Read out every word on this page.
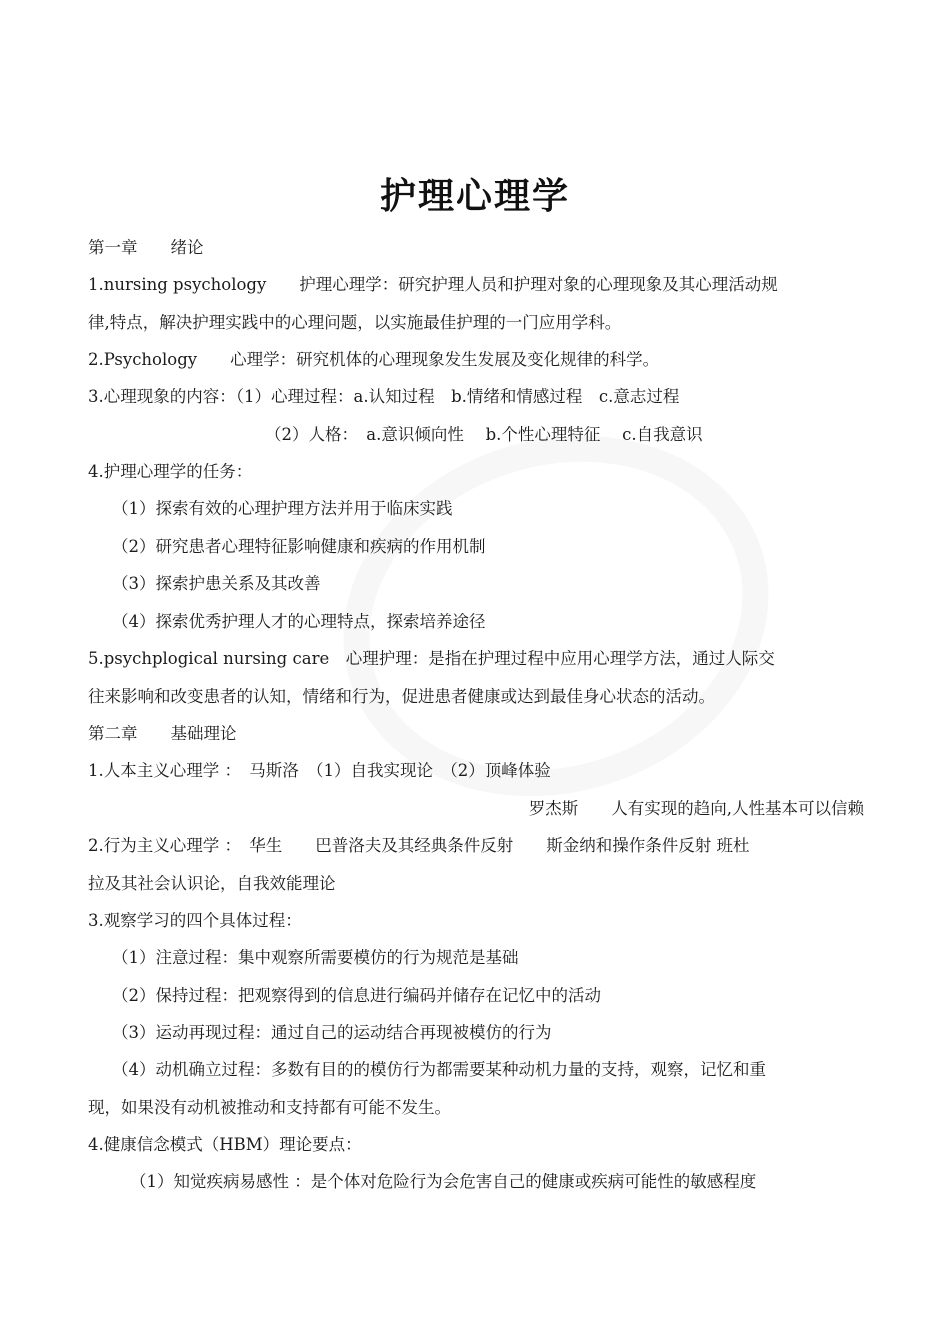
护理心理学
第一章　　绪论
1.nursing psychology　　护理心理学：研究护理人员和护理对象的心理现象及其心理活动规
律,特点，解决护理实践中的心理问题，以实施最佳护理的一门应用学科。
2.Psychology　　心理学：研究机体的心理现象发生发展及变化规律的科学。
3.心理现象的内容：（1）心理过程：a.认知过程　b.情绪和情感过程　c.意志过程
（2）人格：　a.意识倾向性　 b.个性心理特征　 c.自我意识
4.护理心理学的任务：
（1）探索有效的心理护理方法并用于临床实践
（2）研究患者心理特征影响健康和疾病的作用机制
（3）探索护患关系及其改善
（4）探索优秀护理人才的心理特点，探索培养途径
5.psychplogical nursing care　心理护理：是指在护理过程中应用心理学方法，通过人际交
往来影响和改变患者的认知，情绪和行为，促进患者健康或达到最佳身心状态的活动。
第二章　　基础理论
1.人本主义心理学 ：　马斯洛　（1）自我实现论　（2）顶峰体验
罗杰斯　　人有实现的趋向,人性基本可以信赖
2.行为主义心理学 ：　华生　　巴普洛夫及其经典条件反射　　斯金纳和操作条件反射 班杜
拉及其社会认识论，自我效能理论
3.观察学习的四个具体过程：
（1）注意过程：集中观察所需要模仿的行为规范是基础
（2）保持过程：把观察得到的信息进行编码并储存在记忆中的活动
（3）运动再现过程：通过自己的运动结合再现被模仿的行为
（4）动机确立过程：多数有目的的模仿行为都需要某种动机力量的支持，观察，记忆和重
现，如果没有动机被推动和支持都有可能不发生。
4.健康信念模式（HBM）理论要点：
（1）知觉疾病易感性 ：是个体对危险行为会危害自己的健康或疾病可能性的敏感程度
